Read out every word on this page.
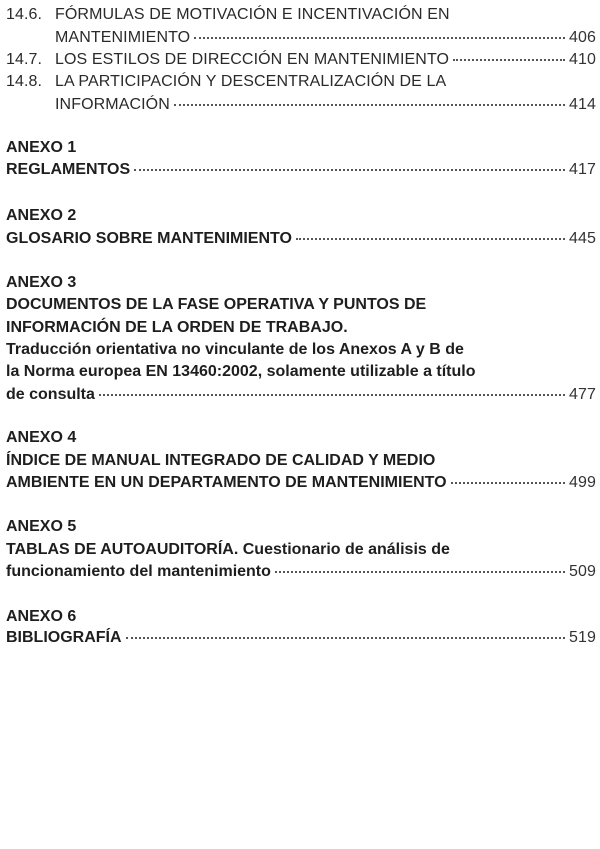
14.6. FÓRMULAS DE MOTIVACIÓN E INCENTIVACIÓN EN
MANTENIMIENTO	406
14.7. LOS ESTILOS DE DIRECCIÓN EN MANTENIMIENTO	410
14.8. LA PARTICIPACIÓN Y DESCENTRALIZACIÓN DE LA
INFORMACIÓN	414
ANEXO 1
REGLAMENTOS	417
ANEXO 2
GLOSARIO SOBRE MANTENIMIENTO	445
ANEXO 3
DOCUMENTOS DE LA FASE OPERATIVA Y PUNTOS DE
INFORMACIÓN DE LA ORDEN DE TRABAJO.
Traducción orientativa no vinculante de los Anexos A y B de
la Norma europea EN 13460:2002, solamente utilizable a título
de consulta	477
ANEXO 4
ÍNDICE DE MANUAL INTEGRADO DE CALIDAD Y MEDIO
AMBIENTE EN UN DEPARTAMENTO DE MANTENIMIENTO	499
ANEXO 5
TABLAS DE AUTOAUDITORÍA. Cuestionario de análisis de
funcionamiento del mantenimiento	509
ANEXO 6
BIBLIOGRAFÍA	519
